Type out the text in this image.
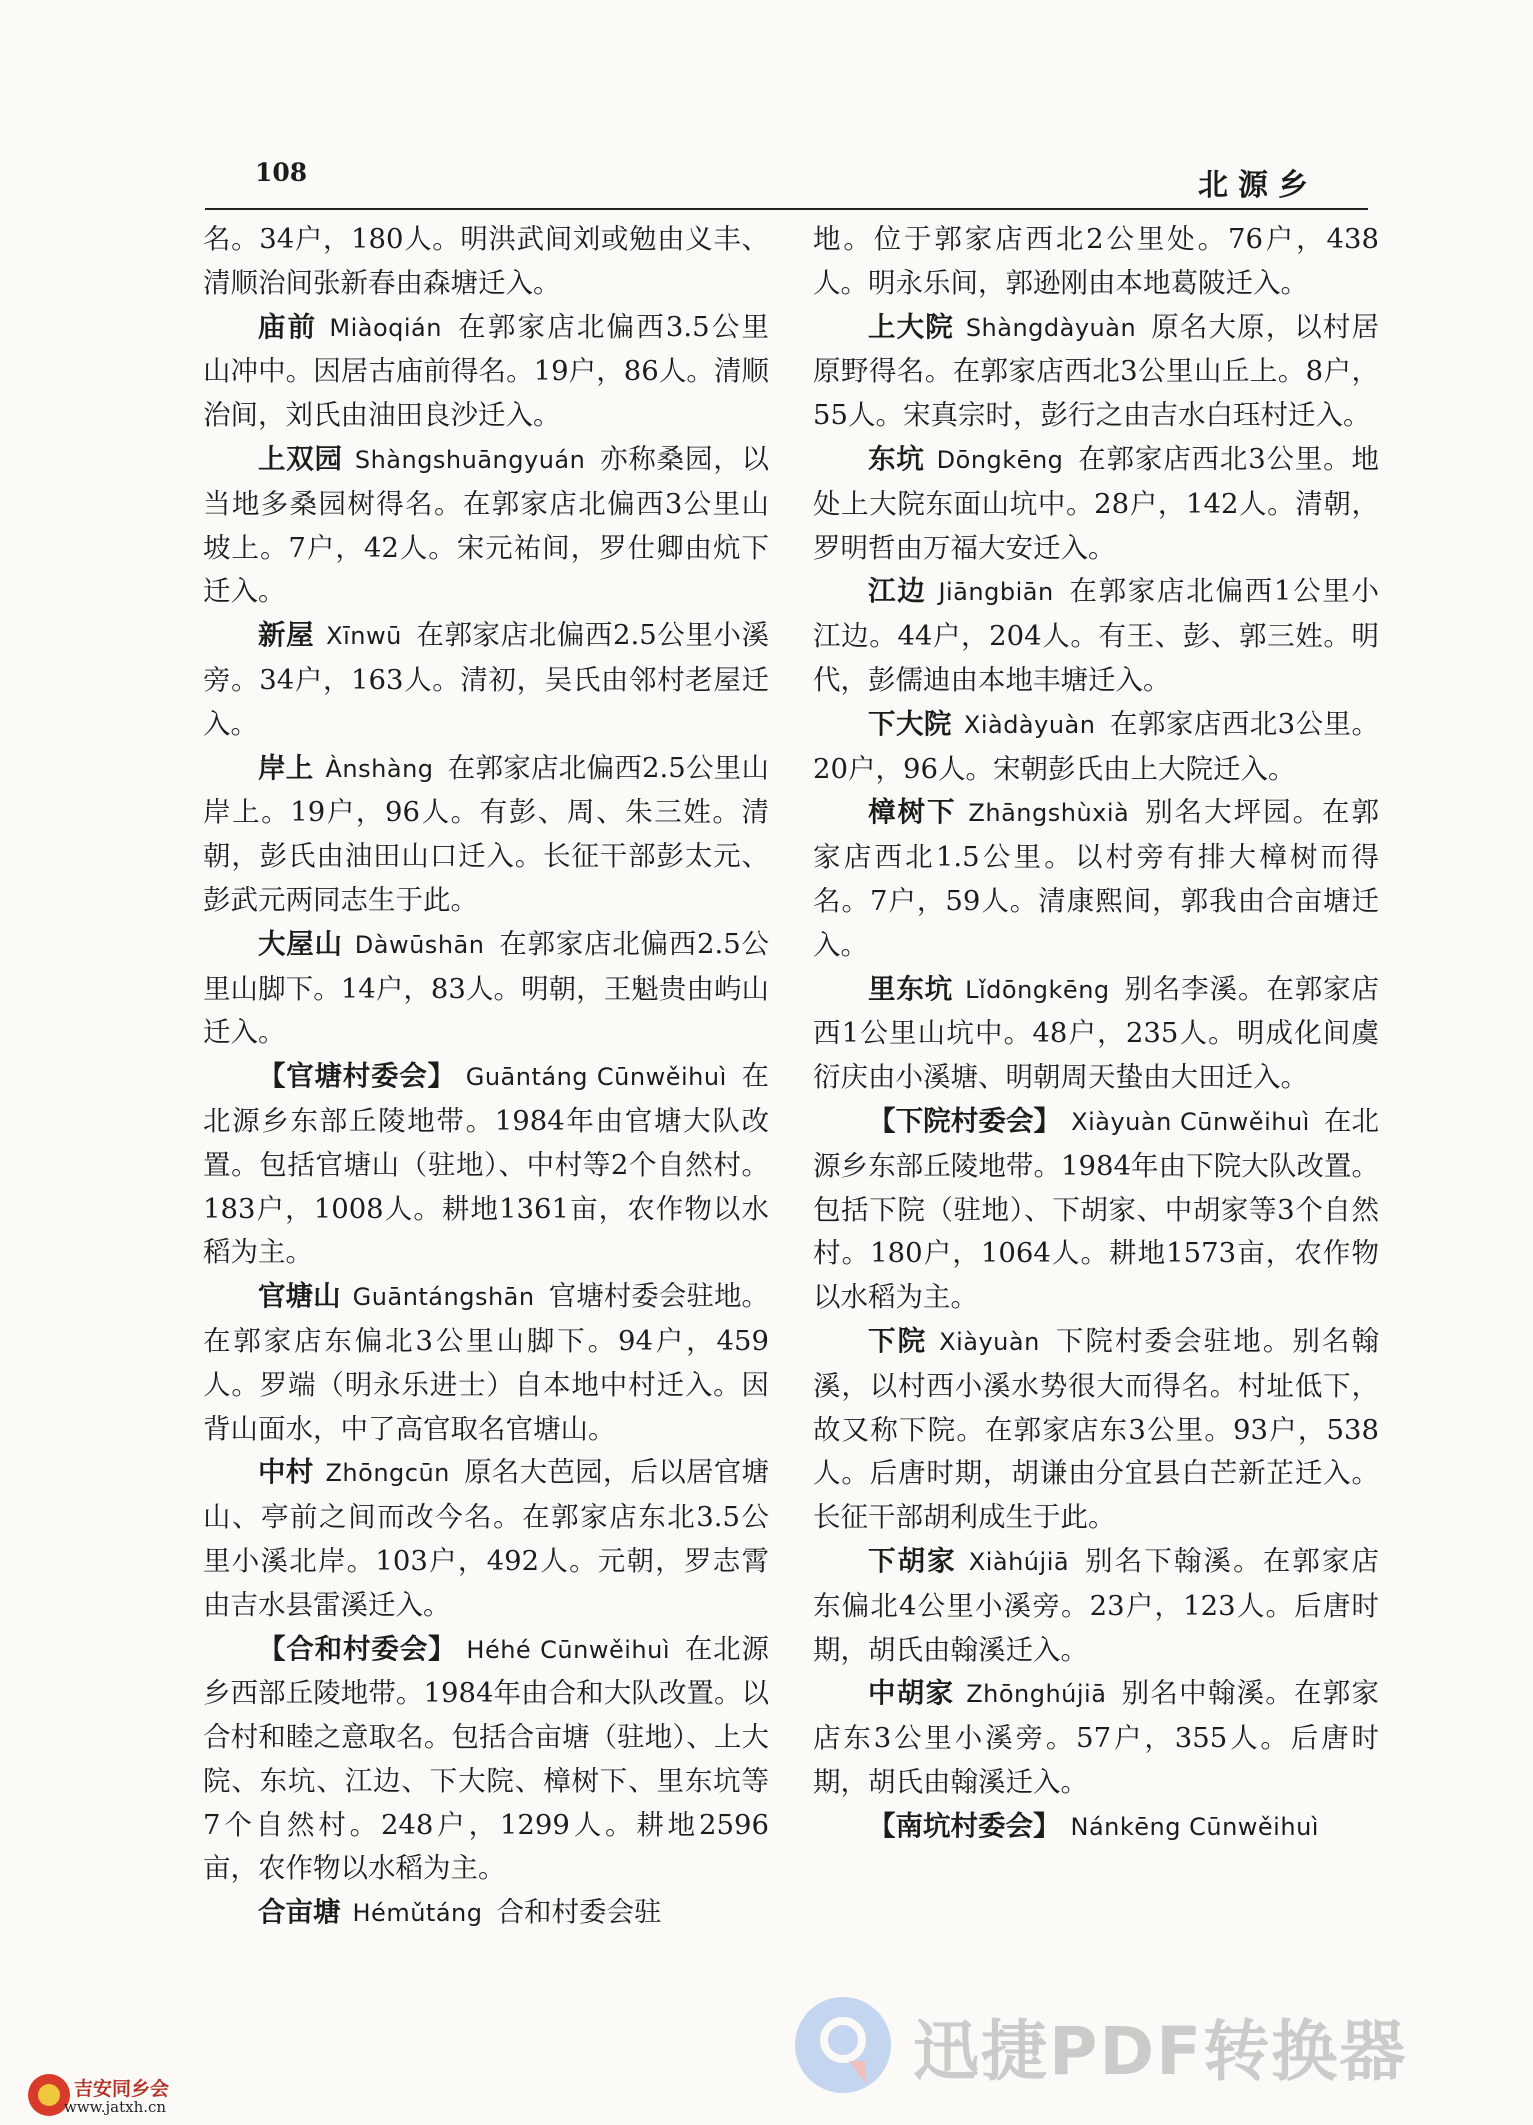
108	北源乡

名。34户，180人。明洪武间刘或勉由义丰、清顺治间张新春由森塘迁入。

庙前 Miàoqián 在郭家店北偏西3.5公里山冲中。因居古庙前得名。19户，86人。清顺治间，刘氏由油田良沙迁入。

上双园 Shàngshuāngyuán 亦称桑园，以当地多桑园树得名。在郭家店北偏西3公里山坡上。7户，42人。宋元祐间，罗仕卿由炕下迁入。

新屋 Xīnwū 在郭家店北偏西2.5公里小溪旁。34户，163人。清初，吴氏由邻村老屋迁入。

岸上 Ànshàng 在郭家店北偏西2.5公里山岸上。19户，96人。有彭、周、朱三姓。清朝，彭氏由油田山口迁入。长征干部彭太元、彭武元两同志生于此。

大屋山 Dàwūshān 在郭家店北偏西2.5公里山脚下。14户，83人。明朝，王魁贵由屿山迁入。

【官塘村委会】 Guāntáng Cūnwěihuì 在北源乡东部丘陵地带。1984年由官塘大队改置。包括官塘山（驻地）、中村等2个自然村。183户，1008人。耕地1361亩，农作物以水稻为主。

官塘山 Guāntángshān 官塘村委会驻地。在郭家店东偏北3公里山脚下。94户，459人。罗端（明永乐进士）自本地中村迁入。因背山面水，中了高官取名官塘山。

中村 Zhōngcūn 原名大芭园，后以居官塘山、亭前之间而改今名。在郭家店东北3.5公里小溪北岸。103户，492人。元朝，罗志霄由吉水县雷溪迁入。

【合和村委会】 Héhé Cūnwěihuì 在北源乡西部丘陵地带。1984年由合和大队改置。以合村和睦之意取名。包括合亩塘（驻地）、上大院、东坑、江边、下大院、樟树下、里东坑等7个自然村。248户，1299人。耕地2596亩，农作物以水稻为主。

合亩塘 Hémǔtáng 合和村委会驻

地。位于郭家店西北2公里处。76户，438人。明永乐间，郭逊刚由本地葛陂迁入。

上大院 Shàngdàyuàn 原名大原，以村居原野得名。在郭家店西北3公里山丘上。8户，55人。宋真宗时，彭行之由吉水白珏村迁入。

东坑 Dōngkēng 在郭家店西北3公里。地处上大院东面山坑中。28户，142人。清朝，罗明哲由万福大安迁入。

江边 Jiāngbiān 在郭家店北偏西1公里小江边。44户，204人。有王、彭、郭三姓。明代，彭儒迪由本地丰塘迁入。

下大院 Xiàdàyuàn 在郭家店西北3公里。20户，96人。宋朝彭氏由上大院迁入。

樟树下 Zhāngshùxià 别名大坪园。在郭家店西北1.5公里。以村旁有排大樟树而得名。7户，59人。清康熙间，郭我由合亩塘迁入。

里东坑 Lǐdōngkēng 别名李溪。在郭家店西1公里山坑中。48户，235人。明成化间虞衍庆由小溪塘、明朝周天蛰由大田迁入。

【下院村委会】 Xiàyuàn Cūnwěihuì 在北源乡东部丘陵地带。1984年由下院大队改置。包括下院（驻地）、下胡家、中胡家等3个自然村。180户，1064人。耕地1573亩，农作物以水稻为主。

下院 Xiàyuàn 下院村委会驻地。别名翰溪，以村西小溪水势很大而得名。村址低下，故又称下院。在郭家店东3公里。93户，538人。后唐时期，胡谦由分宜县白芒新芷迁入。长征干部胡利成生于此。

下胡家 Xiàhújiā 别名下翰溪。在郭家店东偏北4公里小溪旁。23户，123人。后唐时期，胡氏由翰溪迁入。

中胡家 Zhōnghújiā 别名中翰溪。在郭家店东3公里小溪旁。57户，355人。后唐时期，胡氏由翰溪迁入。

【南坑村委会】 Nánkēng Cūnwěihuì

迅捷PDF转换器
吉安同乡会
www.jatxh.cn
